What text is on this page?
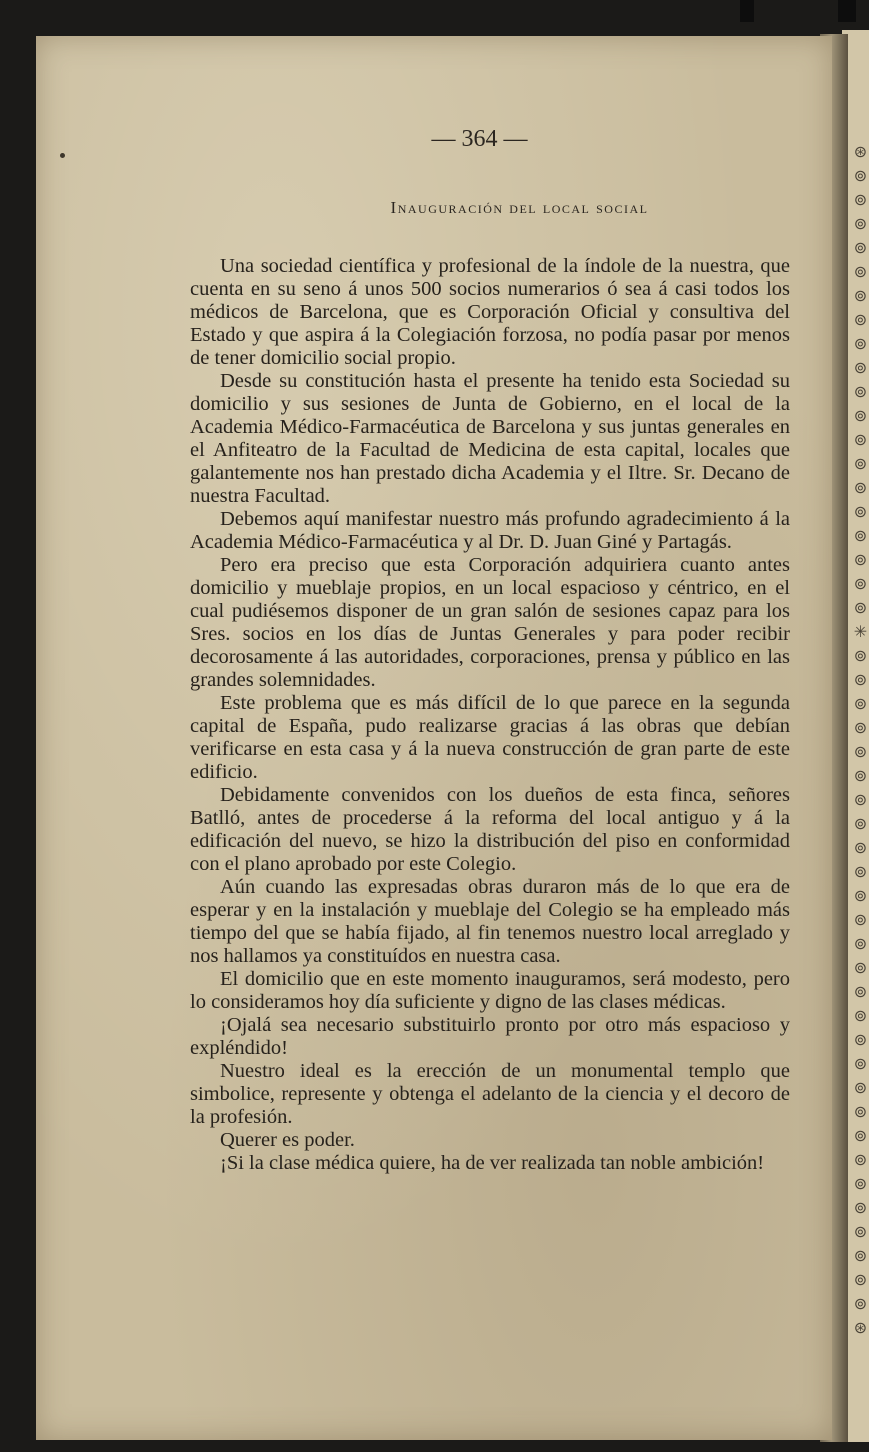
⊛
⊚
⊚
⊚
⊚
⊚
⊚
⊚
⊚
⊚
⊚
⊚
⊚
⊚
⊚
⊚
⊚
⊚
⊚
⊚
✳
⊚
⊚
⊚
⊚
⊚
⊚
⊚
⊚
⊚
⊚
⊚
⊚
⊚
⊚
⊚
⊚
⊚
⊚
⊚
⊚
⊚
⊚
⊚
⊚
⊚
⊚
⊚
⊚
⊛
— 364 —
Inauguración del local social

Una sociedad científica y profesional de la índole de la nuestra, que cuenta en su seno á unos 500 socios numerarios ó sea á casi todos los médicos de Barcelona, que es Corporación Oficial y consultiva del Estado y que aspira á la Colegiación forzosa, no podía pasar por menos de tener domicilio social propio.

Desde su constitución hasta el presente ha tenido esta Sociedad su domicilio y sus sesiones de Junta de Gobierno, en el local de la Academia Médico-Farmacéutica de Barcelona y sus juntas generales en el Anfiteatro de la Facultad de Medicina de esta capital, locales que galantemente nos han prestado dicha Academia y el Iltre. Sr. Decano de nuestra Facultad.

Debemos aquí manifestar nuestro más profundo agradecimiento á la Academia Médico-Farmacéutica y al Dr. D. Juan Giné y Partagás.

Pero era preciso que esta Corporación adquiriera cuanto antes domicilio y mueblaje propios, en un local espacioso y céntrico, en el cual pudiésemos disponer de un gran salón de sesiones capaz para los Sres. socios en los días de Juntas Generales y para poder recibir decorosamente á las autoridades, corporaciones, prensa y público en las grandes solemnidades.

Este problema que es más difícil de lo que parece en la segunda capital de España, pudo realizarse gracias á las obras que debían verificarse en esta casa y á la nueva construcción de gran parte de este edificio.

Debidamente convenidos con los dueños de esta finca, señores Batlló, antes de procederse á la reforma del local antiguo y á la edificación del nuevo, se hizo la distribución del piso en conformidad con el plano aprobado por este Colegio.

Aún cuando las expresadas obras duraron más de lo que era de esperar y en la instalación y mueblaje del Colegio se ha empleado más tiempo del que se había fijado, al fin tenemos nuestro local arreglado y nos hallamos ya constituídos en nuestra casa.

El domicilio que en este momento inauguramos, será modesto, pero lo consideramos hoy día suficiente y digno de las clases médicas.

¡Ojalá sea necesario substituirlo pronto por otro más espacioso y expléndido!

Nuestro ideal es la erección de un monumental templo que simbolice, represente y obtenga el adelanto de la ciencia y el decoro de la profesión.

Querer es poder.

¡Si la clase médica quiere, ha de ver realizada tan noble ambición!
